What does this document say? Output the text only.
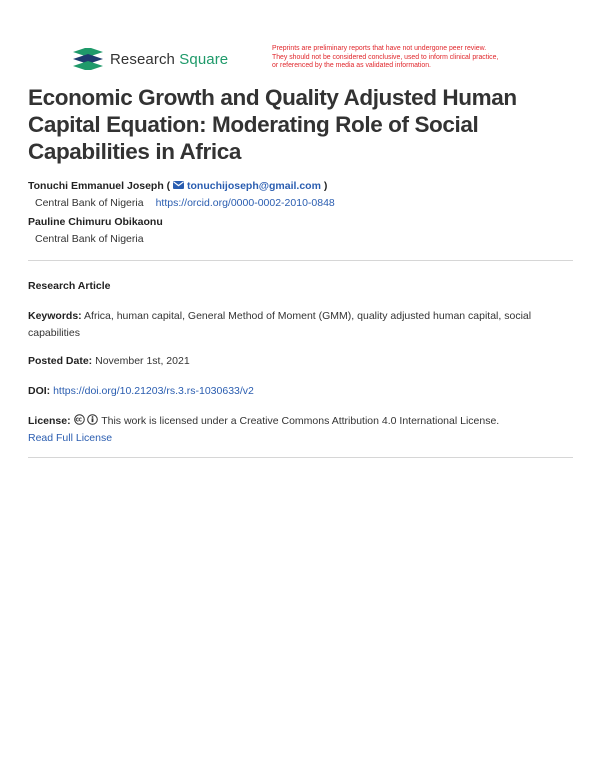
Research Square
Preprints are preliminary reports that have not undergone peer review.
They should not be considered conclusive, used to inform clinical practice,
or referenced by the media as validated information.
Economic Growth and Quality Adjusted Human Capital Equation: Moderating Role of Social Capabilities in Africa
Tonuchi Emmanuel Joseph ( tonuchijoseph@gmail.com )
Central Bank of Nigeria https://orcid.org/0000-0002-2010-0848
Pauline Chimuru Obikaonu
Central Bank of Nigeria
Research Article
Keywords: Africa, human capital, General Method of Moment (GMM), quality adjusted human capital, social capabilities
Posted Date: November 1st, 2021
DOI: https://doi.org/10.21203/rs.3.rs-1030633/v2
License:	This work is licensed under a Creative Commons Attribution 4.0 International License.
Read Full License
